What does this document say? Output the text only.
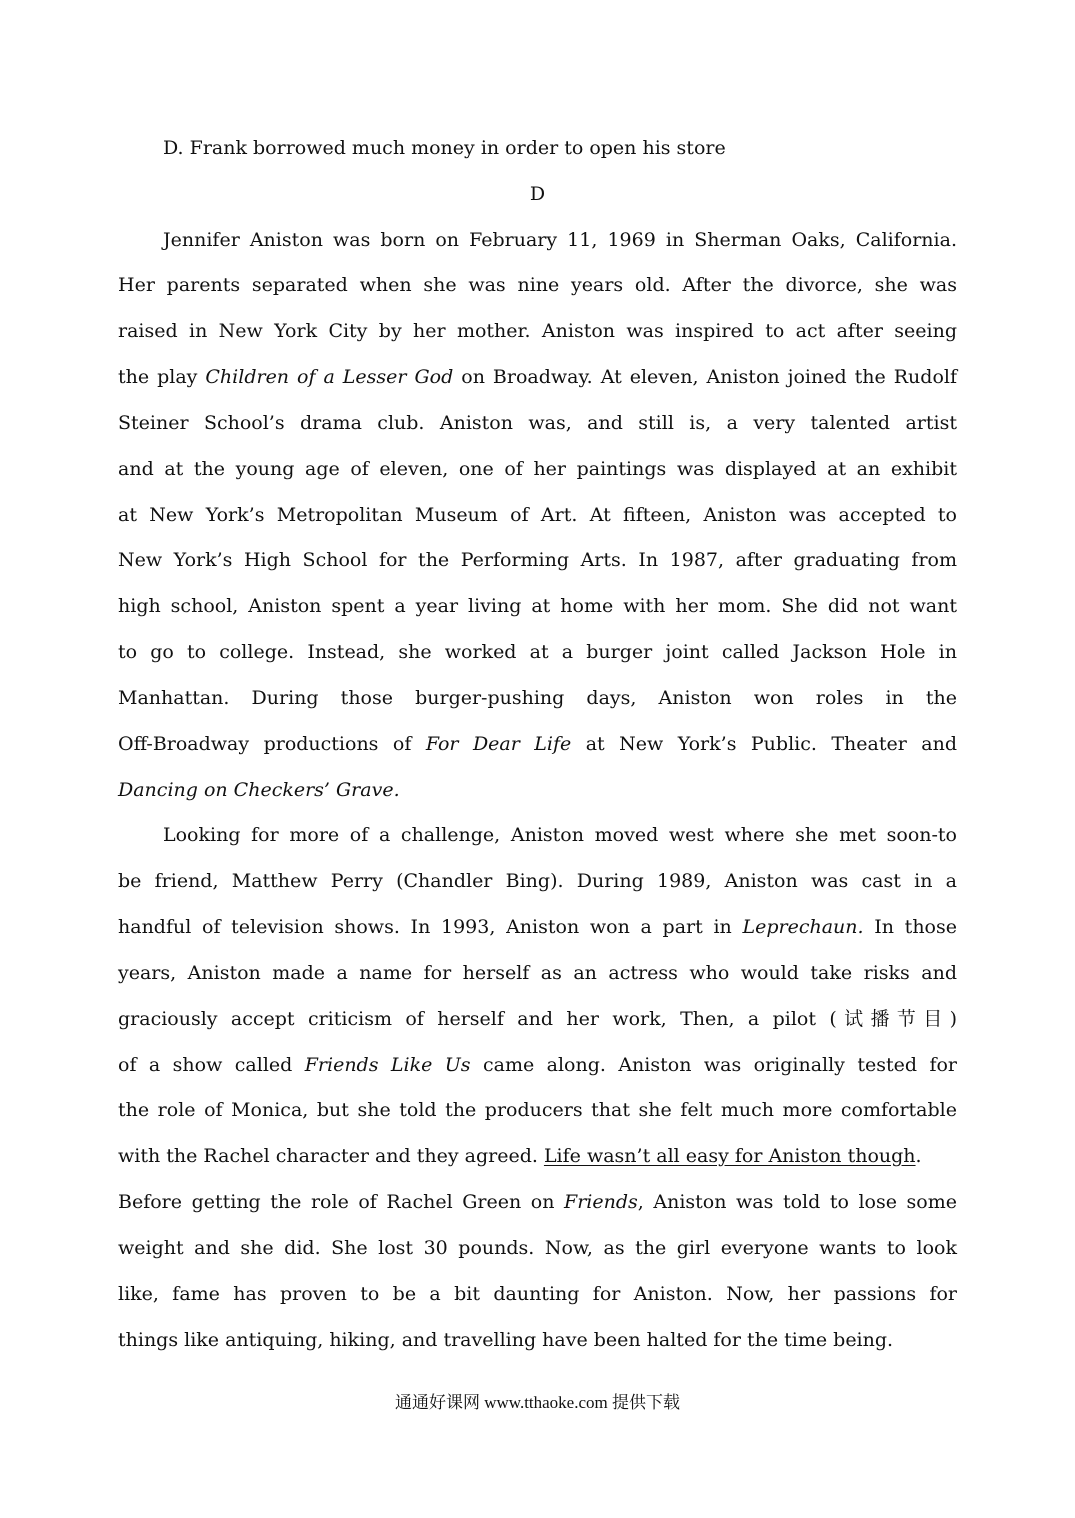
D. Frank borrowed much money in order to open his store
D
Jennifer Aniston was born on February 11, 1969 in Sherman Oaks, California.
Her parents separated when she was nine years old. After the divorce, she was
raised in New York City by her mother. Aniston was inspired to act after seeing
the play Children of a Lesser God on Broadway. At eleven, Aniston joined the Rudolf
Steiner School’s drama club. Aniston was, and still is, a very talented artist
and at the young age of eleven, one of her paintings was displayed at an exhibit
at New York’s Metropolitan Museum of Art. At fifteen, Aniston was accepted to
New York’s High School for the Performing Arts. In 1987, after graduating from
high school, Aniston spent a year living at home with her mom. She did not want
to go to college. Instead, she worked at a burger joint called Jackson Hole in
Manhattan. During those burger-pushing days, Aniston won roles in the
Off-Broadway productions of For Dear Life at New York’s Public. Theater and
Dancing on Checkers’ Grave.
Looking for more of a challenge, Aniston moved west where she met soon-to
be friend, Matthew Perry (Chandler Bing). During 1989, Aniston was cast in a
handful of television shows. In 1993, Aniston won a part in Leprechaun. In those
years, Aniston made a name for herself as an actress who would take risks and
graciously accept criticism of herself and her work, Then, a pilot (试播节目)
of a show called Friends Like Us came along. Aniston was originally tested for
the role of Monica, but she told the producers that she felt much more comfortable
with the Rachel character and they agreed. Life wasn’t all easy for Aniston though.
Before getting the role of Rachel Green on Friends, Aniston was told to lose some
weight and she did. She lost 30 pounds. Now, as the girl everyone wants to look
like, fame has proven to be a bit daunting for Aniston. Now, her passions for
things like antiquing, hiking, and travelling have been halted for the time being.
通通好课网 www.tthaoke.com 提供下载
